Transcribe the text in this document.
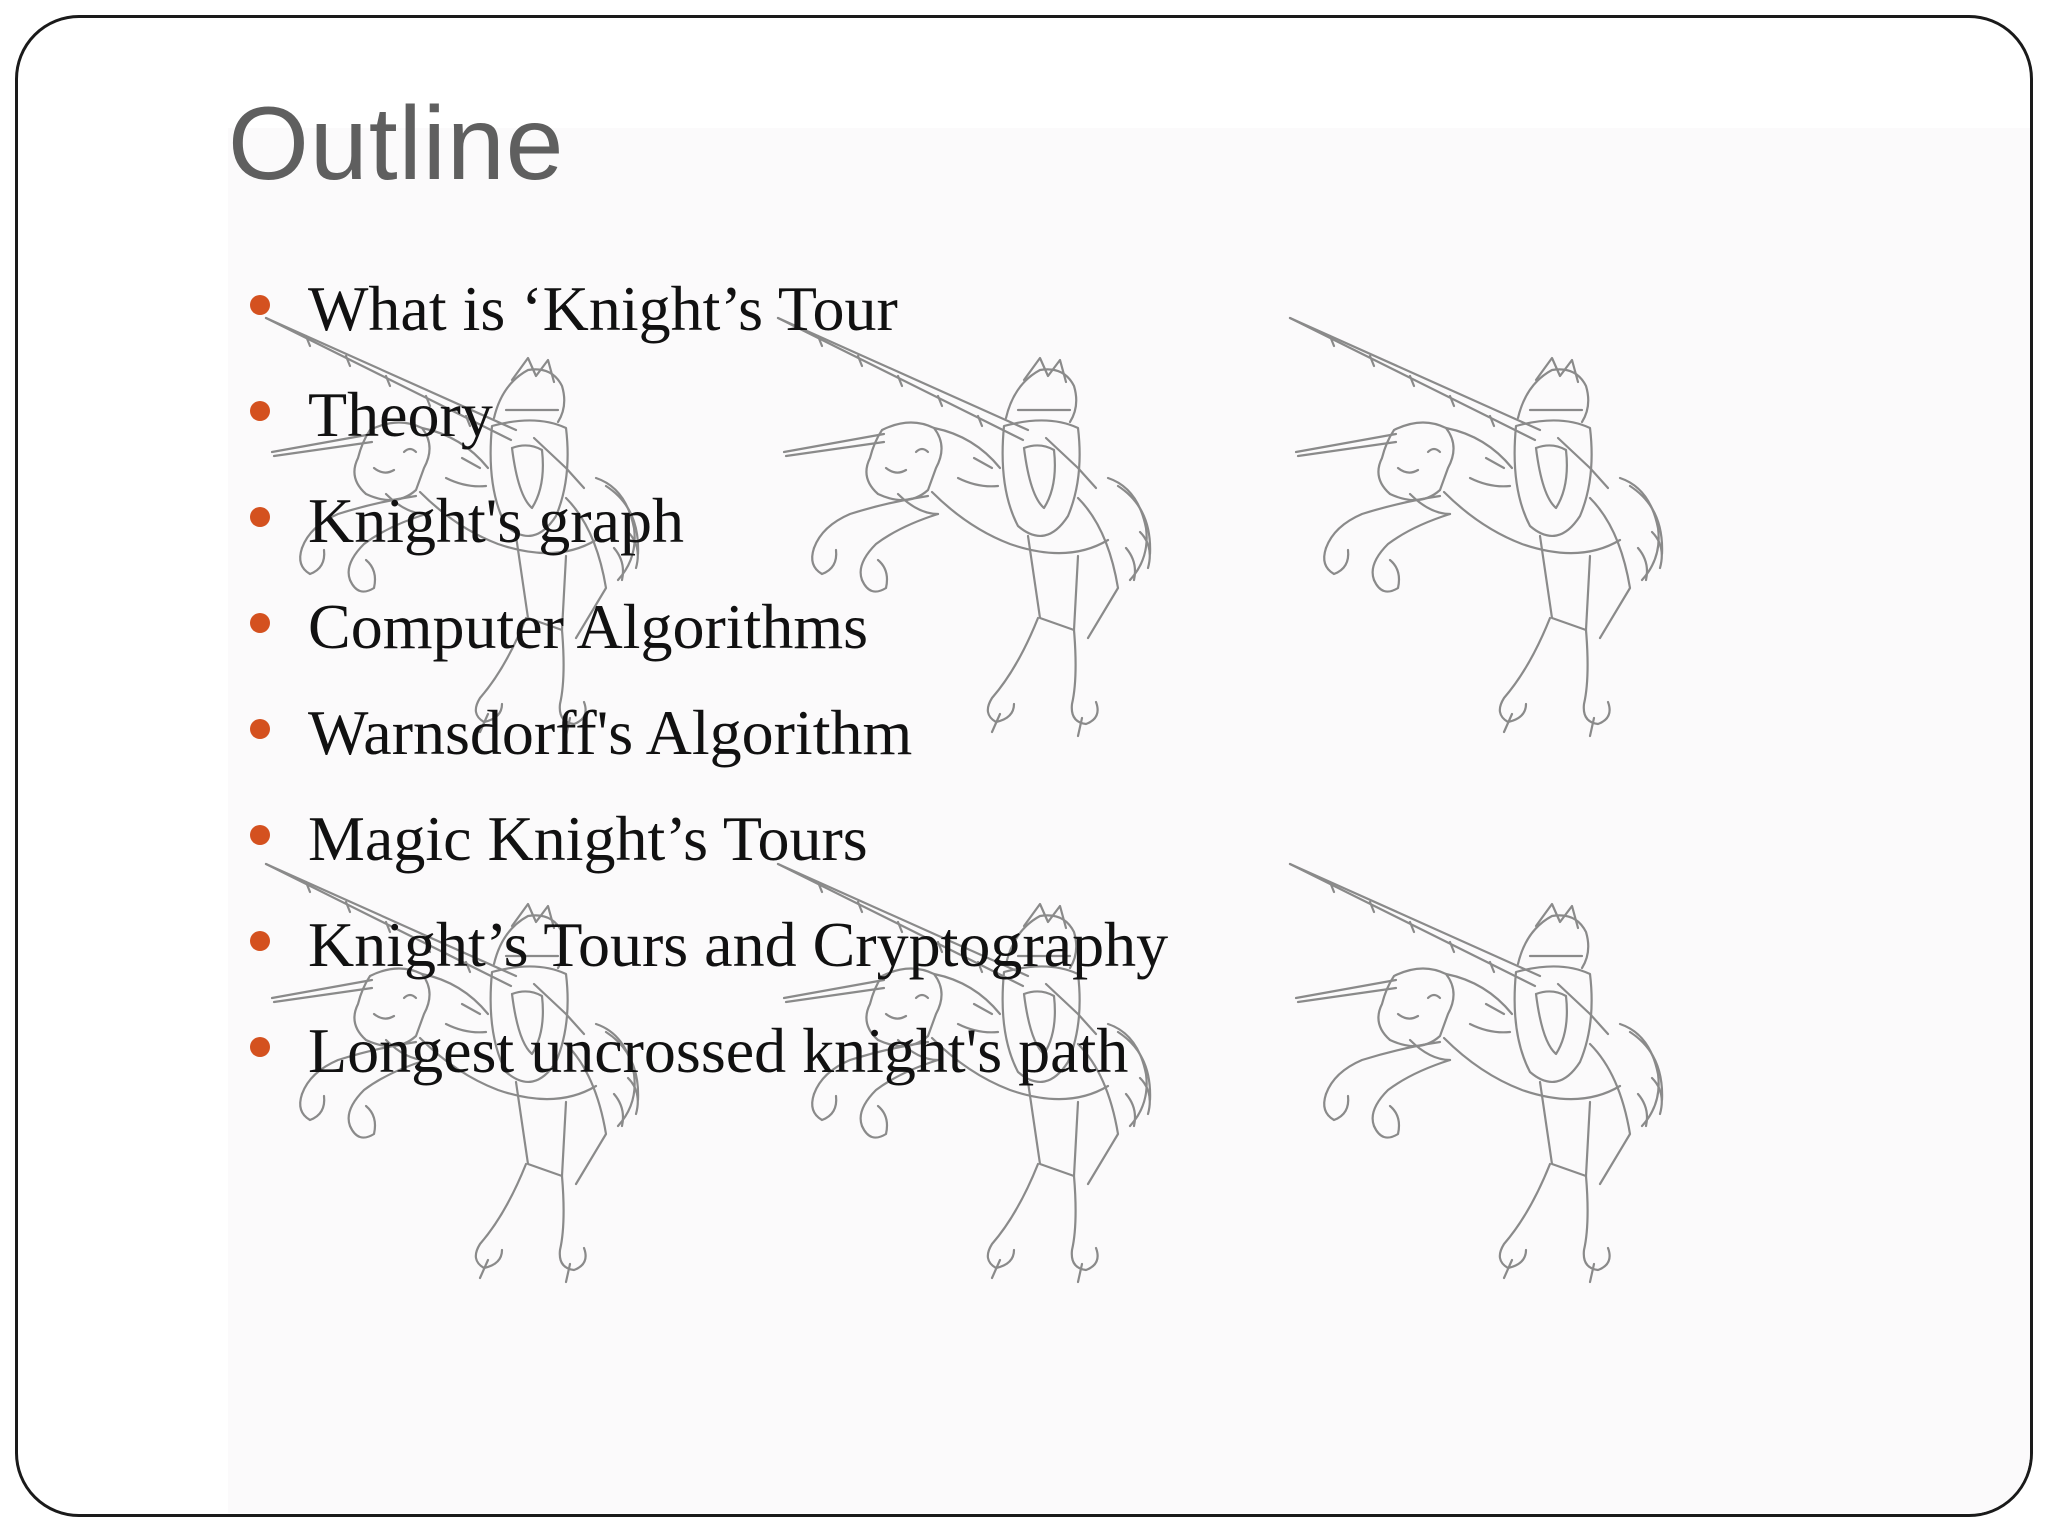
Outline
What is ‘Knight’s Tour
Theory
Knight's graph
Computer Algorithms
Warnsdorff's Algorithm
Magic Knight’s Tours
Knight’s Tours and Cryptography
Longest uncrossed knight's path
